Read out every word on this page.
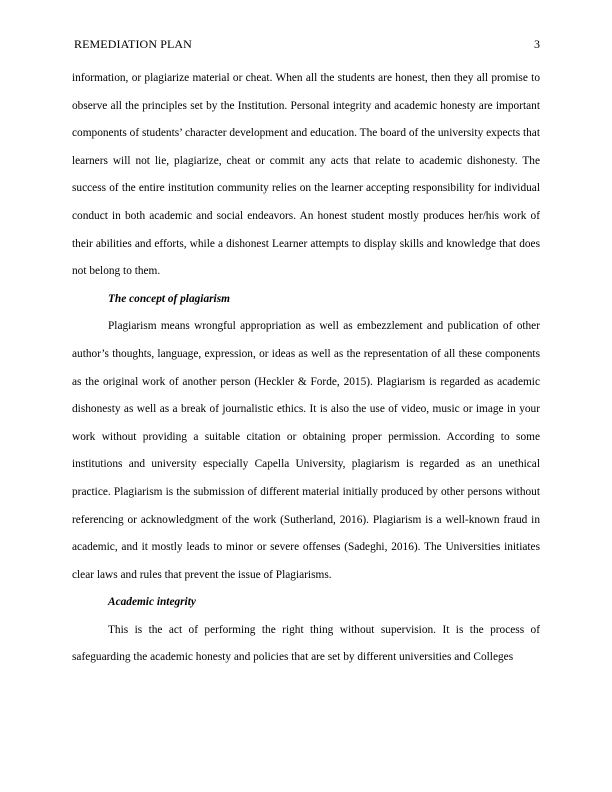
REMEDIATION PLAN	3

information, or plagiarize material or cheat. When all the students are honest, then they all promise to observe all the principles set by the Institution. Personal integrity and academic honesty are important components of students’ character development and education. The board of the university expects that learners will not lie, plagiarize, cheat or commit any acts that relate to academic dishonesty. The success of the entire institution community relies on the learner accepting responsibility for individual conduct in both academic and social endeavors. An honest student mostly produces her/his work of their abilities and efforts, while a dishonest Learner attempts to display skills and knowledge that does not belong to them.

The concept of plagiarism

Plagiarism means wrongful appropriation as well as embezzlement and publication of other author’s thoughts, language, expression, or ideas as well as the representation of all these components as the original work of another person (Heckler & Forde, 2015). Plagiarism is regarded as academic dishonesty as well as a break of journalistic ethics. It is also the use of video, music or image in your work without providing a suitable citation or obtaining proper permission. According to some institutions and university especially Capella University, plagiarism is regarded as an unethical practice. Plagiarism is the submission of different material initially produced by other persons without referencing or acknowledgment of the work (Sutherland, 2016). Plagiarism is a well-known fraud in academic, and it mostly leads to minor or severe offenses (Sadeghi, 2016). The Universities initiates clear laws and rules that prevent the issue of Plagiarisms.

Academic integrity

This is the act of performing the right thing without supervision. It is the process of safeguarding the academic honesty and policies that are set by different universities and Colleges
